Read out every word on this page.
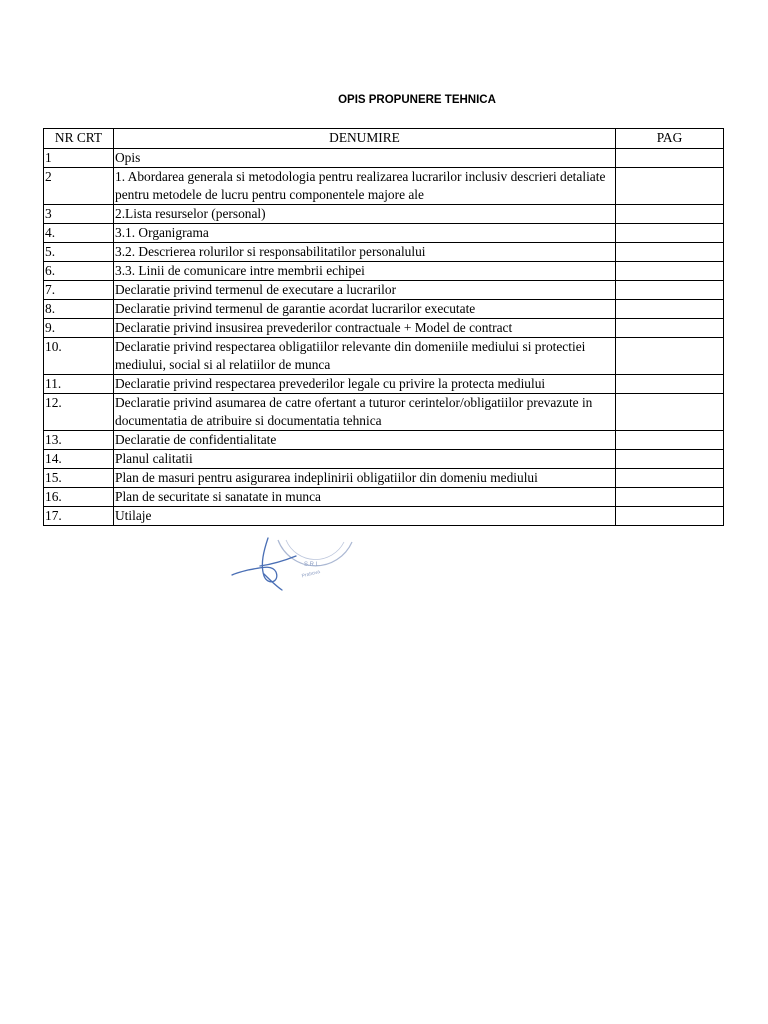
OPIS PROPUNERE TEHNICA
S.R.L.
Prahova
NR CRT	DENUMIRE	PAG
1	Opis	
2	1. Abordarea generala si metodologia pentru realizarea lucrarilor inclusiv descrieri detaliate pentru metodele de lucru pentru componentele majore ale	
3	2.Lista resurselor (personal)	
4.	3.1. Organigrama	
5.	3.2. Descrierea rolurilor si responsabilitatilor personalului	
6.	3.3. Linii de comunicare intre membrii echipei	
7.	Declaratie privind termenul de executare a lucrarilor	
8.	Declaratie privind termenul de garantie acordat lucrarilor executate	
9.	Declaratie privind insusirea prevederilor contractuale + Model de contract	
10.	Declaratie privind respectarea obligatiilor relevante din domeniile mediului si protectiei mediului, social si al relatiilor de munca	
11.	Declaratie privind respectarea prevederilor legale cu privire la protecta mediului	
12.	Declaratie privind asumarea de catre ofertant a tuturor cerintelor/obligatiilor prevazute in documentatia de atribuire si documentatia tehnica	
13.	Declaratie de confidentialitate	
14.	Planul calitatii	
15.	Plan de masuri pentru asigurarea indeplinirii obligatiilor din domeniu mediului	
16.	Plan de securitate si sanatate in munca	
17.	Utilaje	
